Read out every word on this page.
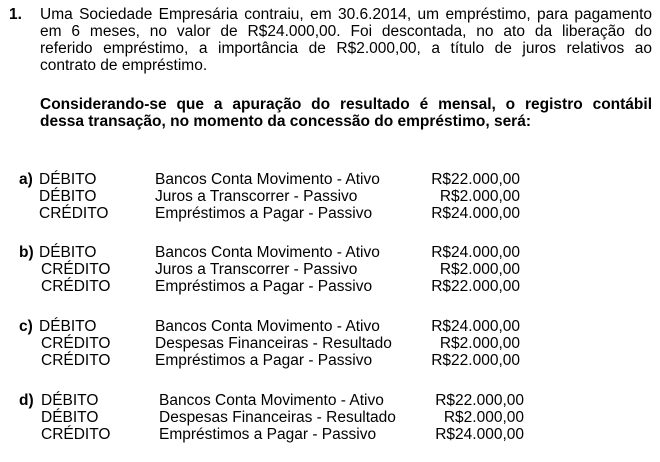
1. Uma Sociedade Empresária contraiu, em 30.6.2014, um empréstimo, para pagamento
em 6 meses, no valor de R$24.000,00. Foi descontada, no ato da liberação do
referido empréstimo, a importância de R$2.000,00, a título de juros relativos ao
contrato de empréstimo.

Considerando-se que a apuração do resultado é mensal, o registro contábil
dessa transação, no momento da concessão do empréstimo, será:

a) DÉBITO	Bancos Conta Movimento - Ativo	R$22.000,00
DÉBITO	Juros a Transcorrer - Passivo	R$2.000,00
CRÉDITO	Empréstimos a Pagar - Passivo	R$24.000,00
b) DÉBITO	Bancos Conta Movimento - Ativo	R$24.000,00
CRÉDITO	Juros a Transcorrer - Passivo	R$2.000,00
CRÉDITO	Empréstimos a Pagar - Passivo	R$22.000,00
c) DÉBITO	Bancos Conta Movimento - Ativo	R$24.000,00
CRÉDITO	Despesas Financeiras - Resultado	R$2.000,00
CRÉDITO	Empréstimos a Pagar - Passivo	R$22.000,00
d) DÉBITO	Bancos Conta Movimento - Ativo	R$22.000,00
DÉBITO	Despesas Financeiras - Resultado	R$2.000,00
CRÉDITO	Empréstimos a Pagar - Passivo	R$24.000,00
